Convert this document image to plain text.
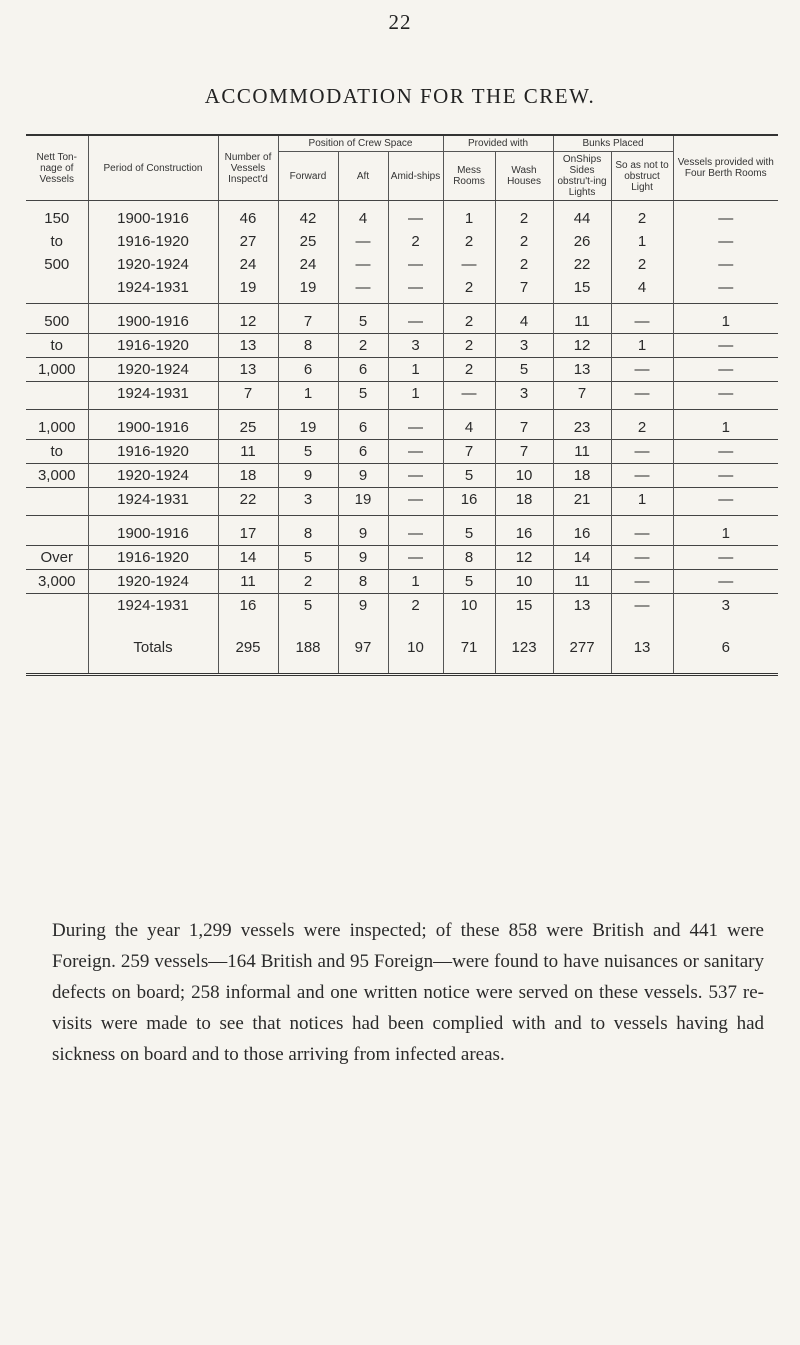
22
ACCOMMODATION FOR THE CREW.
Nett Ton-nage of Vessels	Period of Construction	Number of Vessels Inspect'd	Position of Crew Space			Provided with		Bunks Placed		Vessels provided with Four Berth Rooms
			Forward	Aft	Amid-ships	Mess Rooms	Wash Houses	OnShips Sides obstru't-ing Lights	So as not to obstruct Light	
150	1900-1916	46	42	4	—	1	2	44	2	—
to	1916-1920	27	25	—	2	2	2	26	1	—
500	1920-1924	24	24	—	—	—	2	22	2	—
	1924-1931	19	19	—	—	2	7	15	4	—
500	1900-1916	12	7	5	—	2	4	11	—	1
to	1916-1920	13	8	2	3	2	3	12	1	—
1,000	1920-1924	13	6	6	1	2	5	13	—	—
	1924-1931	7	1	5	1	—	3	7	—	—
1,000	1900-1916	25	19	6	—	4	7	23	2	1
to	1916-1920	11	5	6	—	7	7	11	—	—
3,000	1920-1924	18	9	9	—	5	10	18	—	—
	1924-1931	22	3	19	—	16	18	21	1	—
	1900-1916	17	8	9	—	5	16	16	—	1
Over	1916-1920	14	5	9	—	8	12	14	—	—
3,000	1920-1924	11	2	8	1	5	10	11	—	—
	1924-1931	16	5	9	2	10	15	13	—	3
	Totals	295	188	97	10	71	123	277	13	6

During the year 1,299 vessels were inspected; of these 858 were British and 441 were Foreign. 259 vessels—164 British and 95 Foreign—were found to have nuisances or sanitary defects on board; 258 informal and one written notice were served on these vessels. 537 re-visits were made to see that notices had been complied with and to vessels having had sickness on board and to those arriving from infected areas.
